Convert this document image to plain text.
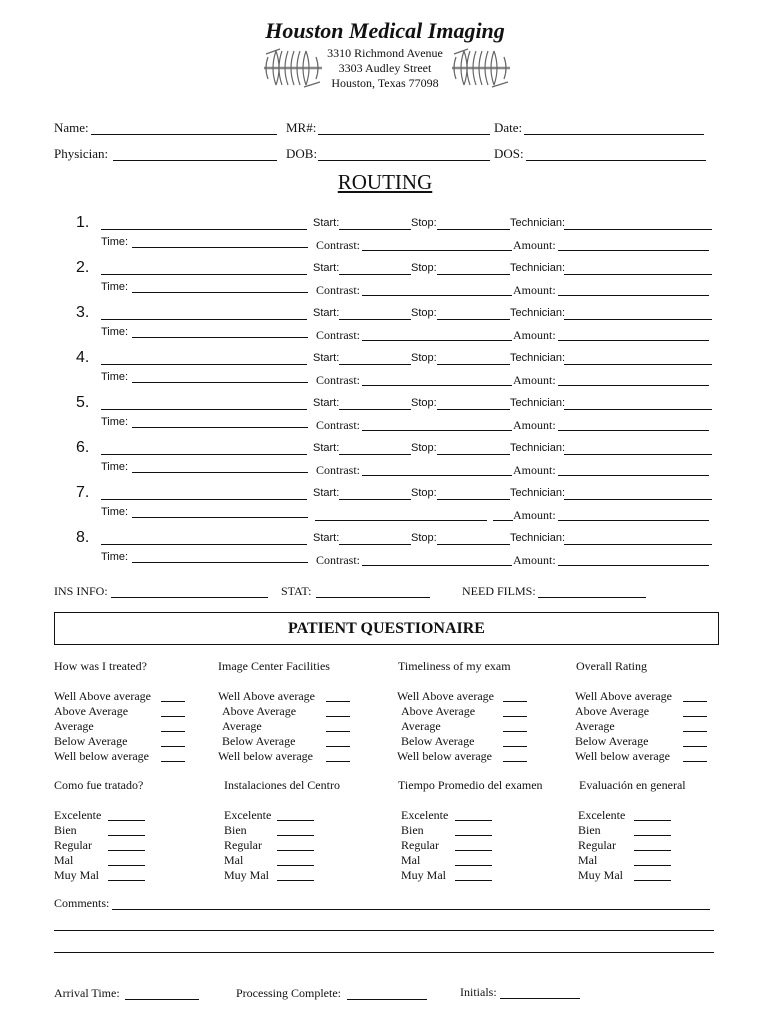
Houston Medical Imaging
3310 Richmond Avenue
3303 Audley Street
Houston, Texas 77098
Name:	MR#:	Date:
Physician:	DOB:	DOS:
ROUTING
1.	Start:	Stop:	Technician:
Time:	Contrast:	Amount:
2.	Start:	Stop:	Technician:
Time:	Contrast:	Amount:
3.	Start:	Stop:	Technician:
Time:	Contrast:	Amount:
4.	Start:	Stop:	Technician:
Time:	Contrast:	Amount:
5.	Start:	Stop:	Technician:
Time:	Contrast:	Amount:
6.	Start:	Stop:	Technician:
Time:	Contrast:	Amount:
7.	Start:	Stop:	Technician:
Time:	Amount:
8.	Start:	Stop:	Technician:
Time:	Contrast:	Amount:
INS INFO:	STAT:	NEED FILMS:
PATIENT QUESTIONAIRE
How was I treated?
Well Above average
Above Average
Average
Below Average
Well below average
Image Center Facilities
Well Above average
Above Average
Average
Below Average
Well below average
Timeliness of my exam
Well Above average
Above Average
Average
Below Average
Well below average
Overall Rating
Well Above average
Above Average
Average
Below Average
Well below average
Como fue tratado?
Excelente
Bien
Regular
Mal
Muy Mal
Instalaciones del Centro
Excelente
Bien
Regular
Mal
Muy Mal
Tiempo Promedio del examen
Excelente
Bien
Regular
Mal
Muy Mal
Evaluación en general
Excelente
Bien
Regular
Mal
Muy Mal
Comments:
Arrival Time:	Processing Complete:	Initials:
